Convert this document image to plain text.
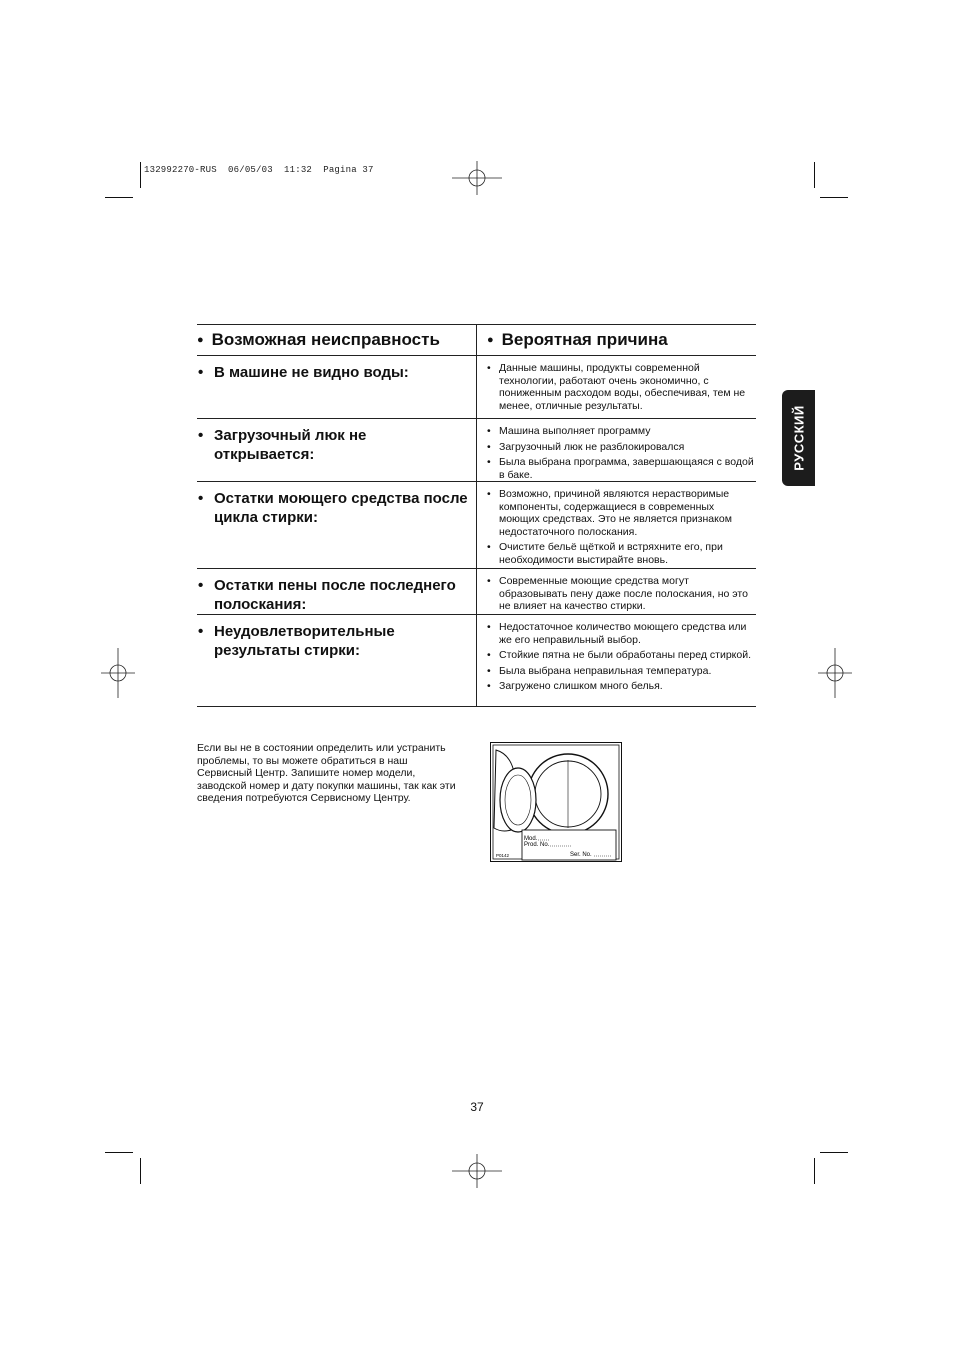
132992270-RUS  06/05/03  11:32  Pagina 37
● Возможная неисправность	● Вероятная причина
• В машине не видно воды:
•	Данные машины, продукты современной технологии, работают очень экономично, с пониженным расходом воды, обеспечивая, тем не менее, отличные результаты.
• Загрузочный люк не открывается:
• Машина выполняет программу
• Загрузочный люк не разблокировался
• Была выбрана программа, завершающаяся с водой в баке.
• Остатки моющего средства после цикла стирки:
• Возможно, причиной являются нерастворимые компоненты, содержащиеся в современных моющих средствах. Это не является признаком недостаточного полоскания.
• Очистите бельё щёткой и встряхните его, при необходимости выстирайте вновь.
• Остатки пены после последнего полоскания:
• Современные моющие средства могут образовывать пену даже после полоскания, но это не влияет на качество стирки.
• Неудовлетворительные результаты стирки:
• Недостаточное количество моющего средства или же его неправильный выбор.
• Стойкие пятна не были обработаны перед стиркой.
• Была выбрана неправильная температура.
• Загружено слишком много белья.
РУССКИЙ
Если вы не в состоянии определить или устранить проблемы, то вы можете обратиться в наш Сервисный Центр. Запишите номер модели, заводской номер и дату покупки машины, так как эти сведения потребуются Сервисному Центру.
Mod.
Prod. No.
Ser. No.
P0142
37
